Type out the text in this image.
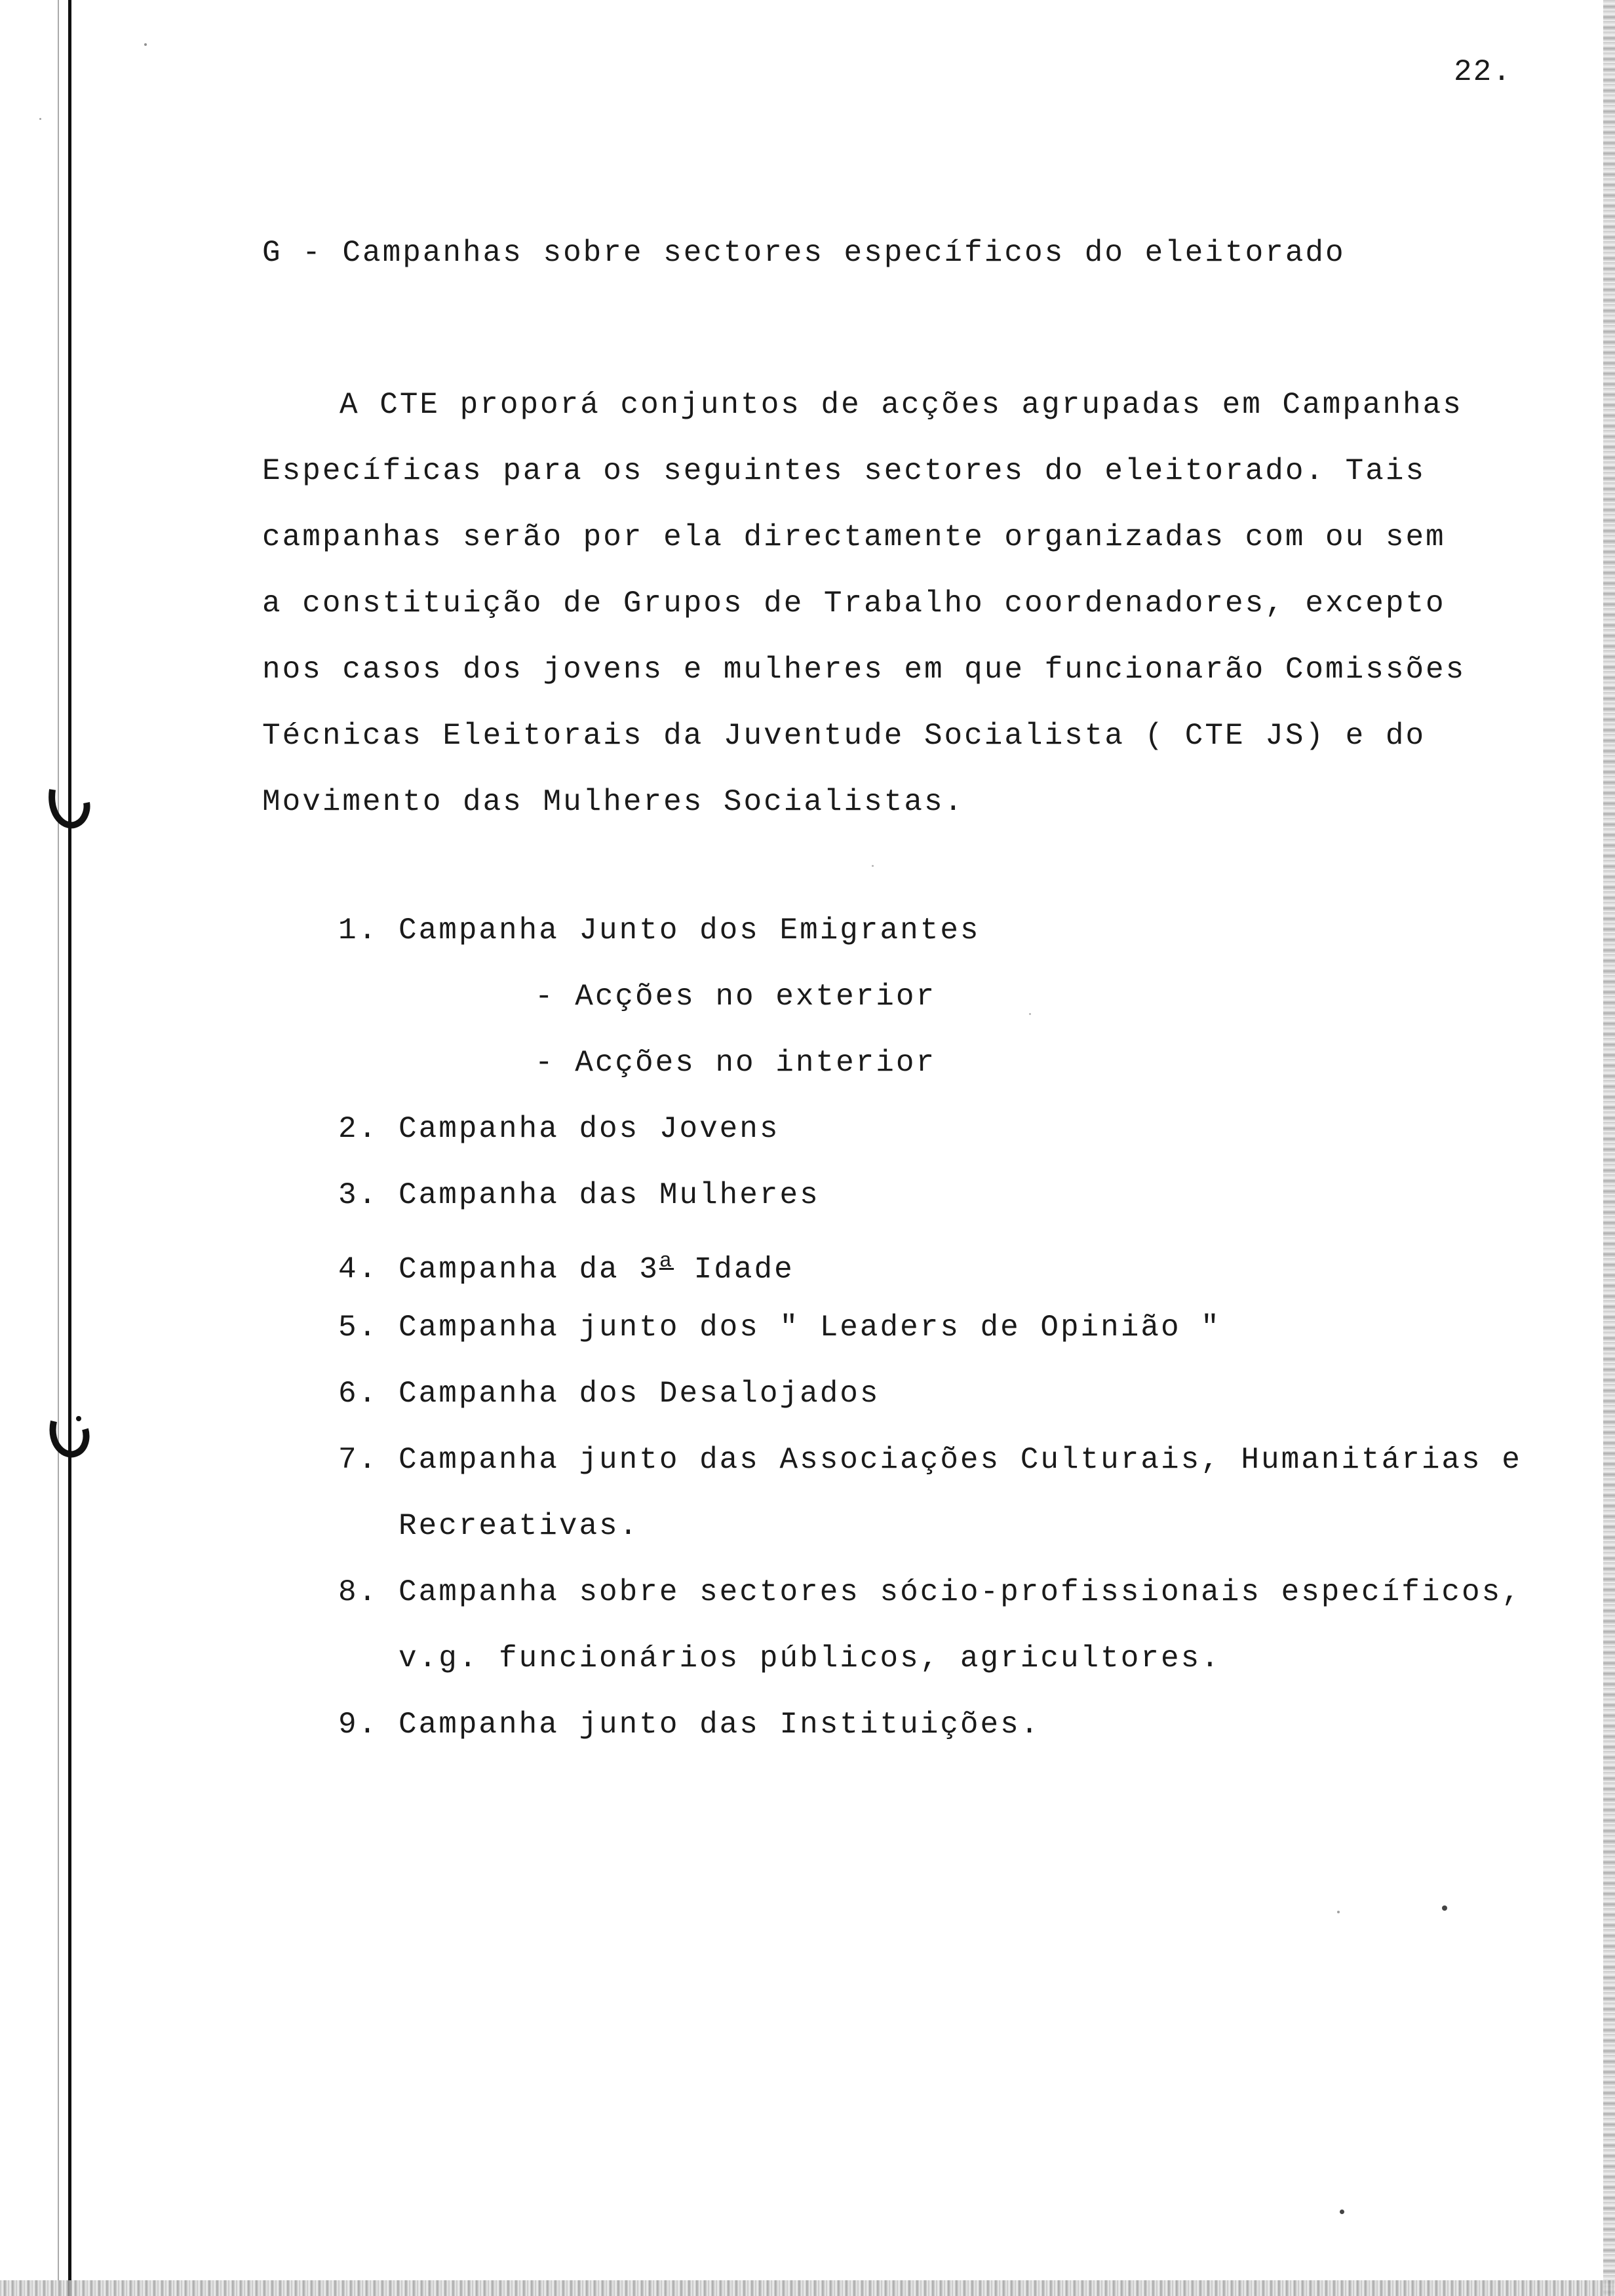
22.
G - Campanhas sobre sectores específicos do eleitorado
A CTE proporá conjuntos de acções agrupadas em Campanhas
Específicas para os seguintes sectores do eleitorado. Tais
campanhas serão por ela directamente organizadas com ou sem
a constituição de Grupos de Trabalho coordenadores, excepto
nos casos dos jovens e mulheres em que funcionarão Comissões
Técnicas Eleitorais da Juventude Socialista ( CTE JS) e do
Movimento das Mulheres Socialistas.
1. Campanha Junto dos Emigrantes
- Acções no exterior
- Acções no interior
2. Campanha dos Jovens
3. Campanha das Mulheres
4. Campanha da 3$^a$ Idade
5. Campanha junto dos " Leaders de Opinião "
6. Campanha dos Desalojados
7. Campanha junto das Associações Culturais, Humanitárias e
Recreativas.
8. Campanha sobre sectores sócio-profissionais específicos,
v.g. funcionários públicos, agricultores.
9. Campanha junto das Instituições.
